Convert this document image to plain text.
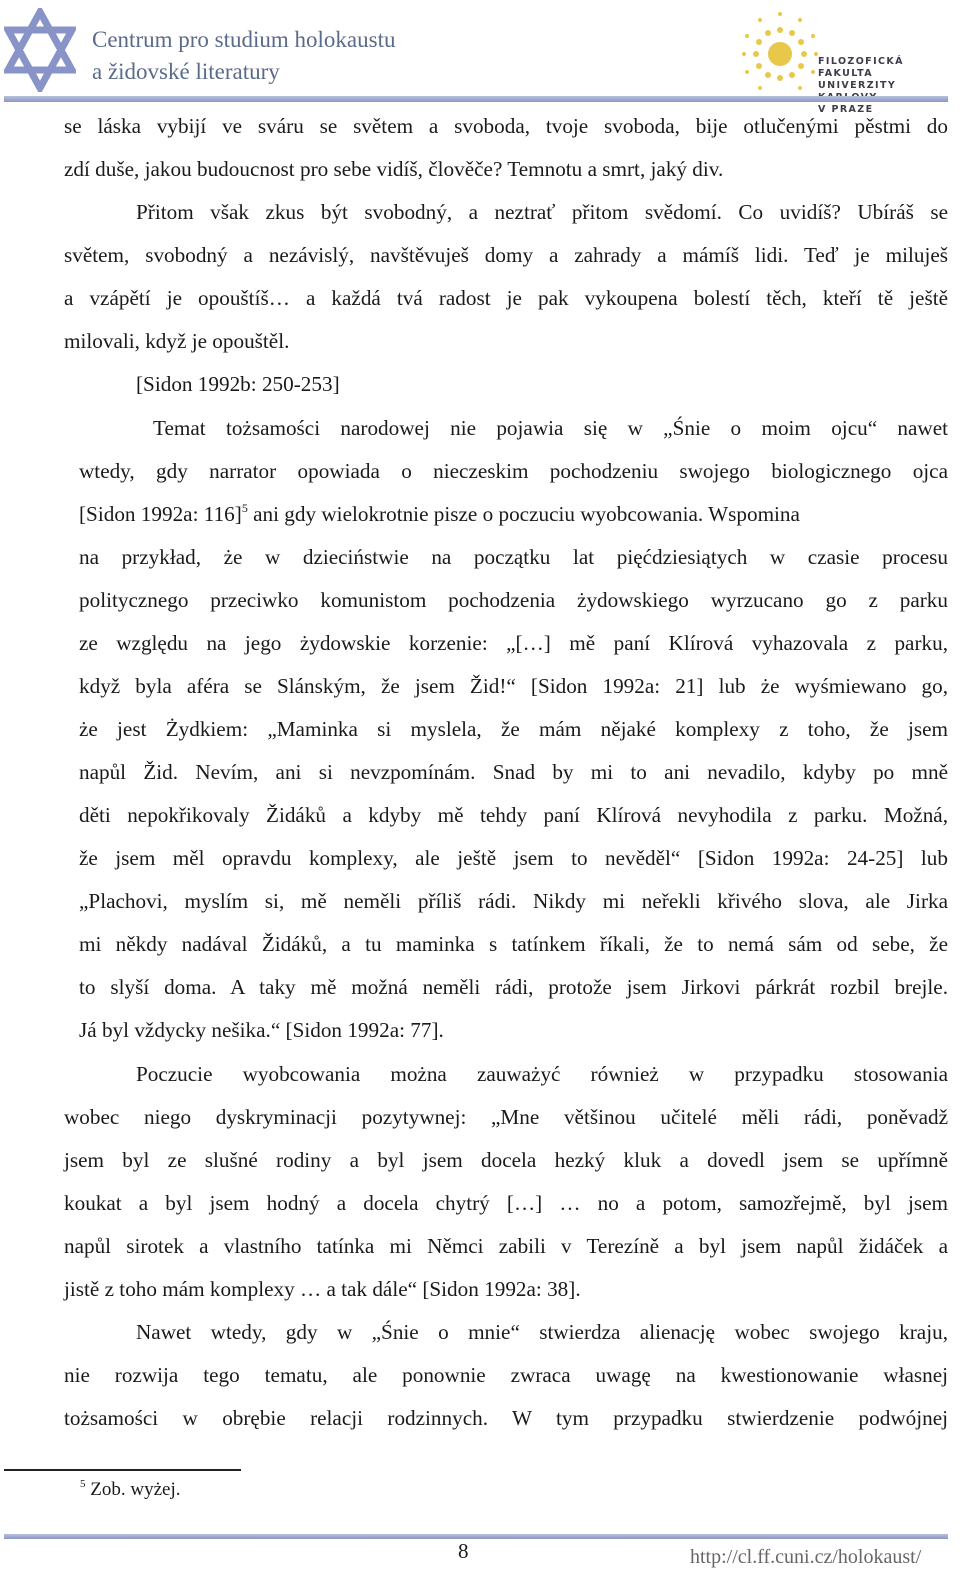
Centrum pro studium holokaustu
a židovské literatury	FILOZOFICKÁ FAKULTA
UNIVERZITY
V PRAZE
se láska vybijí ve sváru se světem a svoboda, tvoje svoboda, bije otlučenými pěstmi do
zdí duše, jakou budoucnost pro sebe vidíš, člověče? Temnotu a smrt, jaký div.
Přitom však zkus být svobodný, a neztrať přitom svědomí. Co uvidíš? Ubíráš se
světem, svobodný a nezávislý, navštěvuješ domy a zahrady a mámíš lidi. Teď je miluješ
a vzápětí je opouštíš… a každá tvá radost je pak vykoupena bolestí těch, kteří tě ještě
milovali, když je opouštěl.
[Sidon 1992b: 250-253]
Temat tożsamości narodowej nie pojawia się w „Śnie o moim ojcu“ nawet
wtedy, gdy narrator opowiada o nieczeskim pochodzeniu swojego biologicznego ojca
[Sidon 1992a: 116]$^5$ ani gdy wielokrotnie pisze o poczuciu wyobcowania. Wspomina
na przykład, że w dzieciństwie na początku lat pięćdziesiątych w czasie procesu
politycznego przeciwko komunistom pochodzenia żydowskiego wyrzucano go z parku
ze względu na jego żydowskie korzenie: „[…] mě paní Klírová vyhazovala z parku,
když byla aféra se Slánským, že jsem Žid!“ [Sidon 1992a: 21] lub że wyśmiewano go,
że jest Żydkiem: „Maminka si myslela, že mám nějaké komplexy z toho, že jsem
napůl Žid. Nevím, ani si nevzpomínám. Snad by mi to ani nevadilo, kdyby po mně
děti nepokřikovaly Židáků a kdyby mě tehdy paní Klírová nevyhodila z parku. Možná,
že jsem měl opravdu komplexy, ale ještě jsem to nevěděl“ [Sidon 1992a: 24-25] lub
„Plachovi, myslím si, mě neměli příliš rádi. Nikdy mi neřekli křivého slova, ale Jirka
mi někdy nadával Židáků, a tu maminka s tatínkem říkali, že to nemá sám od sebe, že
to slyší doma. A taky mě možná neměli rádi, protože jsem Jirkovi párkrát rozbil brejle.
Já byl vždycky nešika.“ [Sidon 1992a: 77].
Poczucie wyobcowania można zauważyć również w przypadku stosowania
wobec niego dyskryminacji pozytywnej: „Mne většinou učitelé měli rádi, poněvadž
jsem byl ze slušné rodiny a byl jsem docela hezký kluk a dovedl jsem se upřímně
koukat a byl jsem hodný a docela chytrý […] … no a potom, samozřejmě, byl jsem
napůl sirotek a vlastního tatínka mi Němci zabili v Terezíně a byl jsem napůl židáček a
jistě z toho mám komplexy … a tak dále“ [Sidon 1992a: 38].
Nawet wtedy, gdy w „Śnie o mnie“ stwierdza alienację wobec swojego kraju,
nie rozwija tego tematu, ale ponownie zwraca uwagę na kwestionowanie własnej
tożsamości w obrębie relacji rodzinnych. W tym przypadku stwierdzenie podwójnej
$^5$ Zob. wyżej.
8	http://cl.ff.cuni.cz/holokaust/
